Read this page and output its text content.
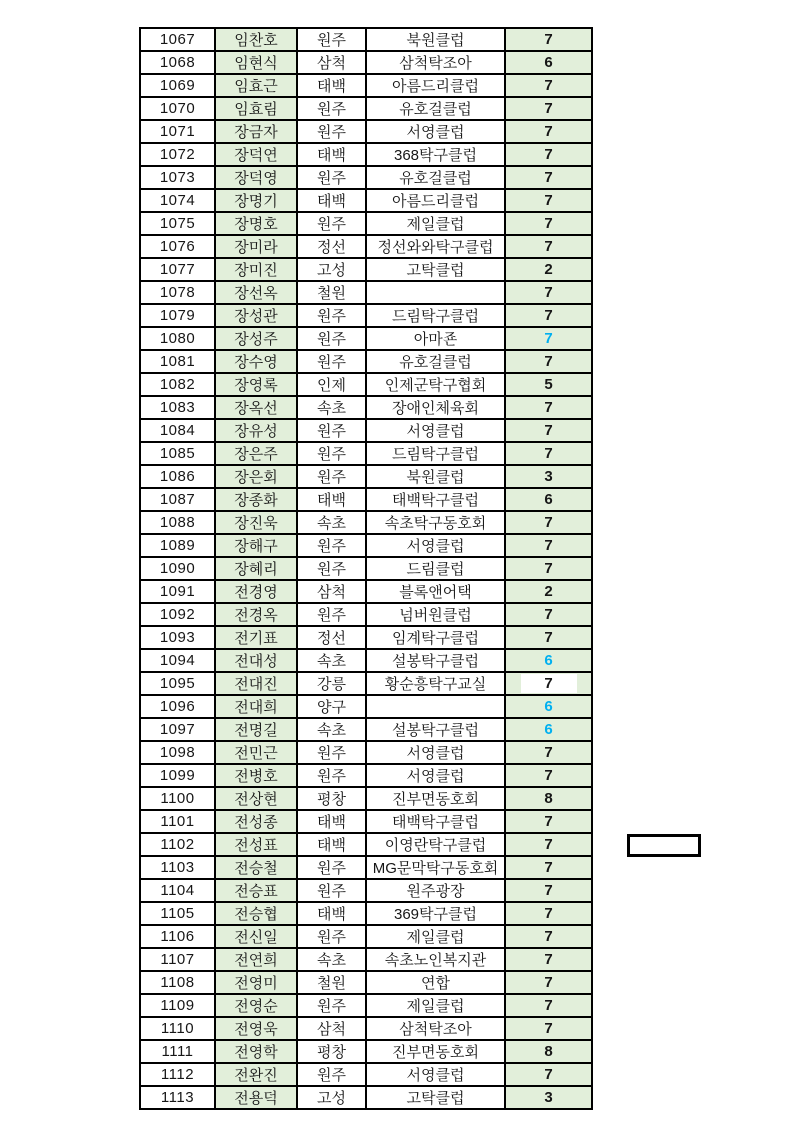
1067	임찬호	원주	북원클럽	7
1068	임현식	삼척	삼척탁조아	6
1069	임효근	태백	아름드리클럽	7
1070	임효림	원주	유호걸클럽	7
1071	장금자	원주	서영클럽	7
1072	장덕연	태백	368탁구클럽	7
1073	장덕영	원주	유호걸클럽	7
1074	장명기	태백	아름드리클럽	7
1075	장명호	원주	제일클럽	7
1076	장미라	정선	정선와와탁구클럽	7
1077	장미진	고성	고탁클럽	2
1078	장선옥	철원		7
1079	장성관	원주	드림탁구클럽	7
1080	장성주	원주	아마죤	7
1081	장수영	원주	유호걸클럽	7
1082	장영록	인제	인제군탁구협회	5
1083	장옥선	속초	장애인체육회	7
1084	장유성	원주	서영클럽	7
1085	장은주	원주	드림탁구클럽	7
1086	장은회	원주	북원클럽	3
1087	장종화	태백	태백탁구클럽	6
1088	장진욱	속초	속초탁구동호회	7
1089	장해구	원주	서영클럽	7
1090	장혜리	원주	드림클럽	7
1091	전경영	삼척	블록앤어택	2
1092	전경옥	원주	넘버원클럽	7
1093	전기표	정선	임계탁구클럽	7
1094	전대성	속초	설봉탁구클럽	6
1095	전대진	강릉	황순흥탁구교실	7
1096	전대희	양구		6
1097	전명길	속초	설봉탁구클럽	6
1098	전민근	원주	서영클럽	7
1099	전병호	원주	서영클럽	7
1100	전상현	평창	진부면동호회	8
1101	전성종	태백	태백탁구클럽	7
1102	전성표	태백	이영란탁구클럽	7
1103	전승철	원주	MG문막탁구동호회	7
1104	전승표	원주	원주광장	7
1105	전승협	태백	369탁구클럽	7
1106	전신일	원주	제일클럽	7
1107	전연희	속초	속초노인복지관	7
1108	전영미	철원	연합	7
1109	전영순	원주	제일클럽	7
1110	전영욱	삼척	삼척탁조아	7
1111	전영학	평창	진부면동호회	8
1112	전완진	원주	서영클럽	7
1113	전용덕	고성	고탁클럽	3
